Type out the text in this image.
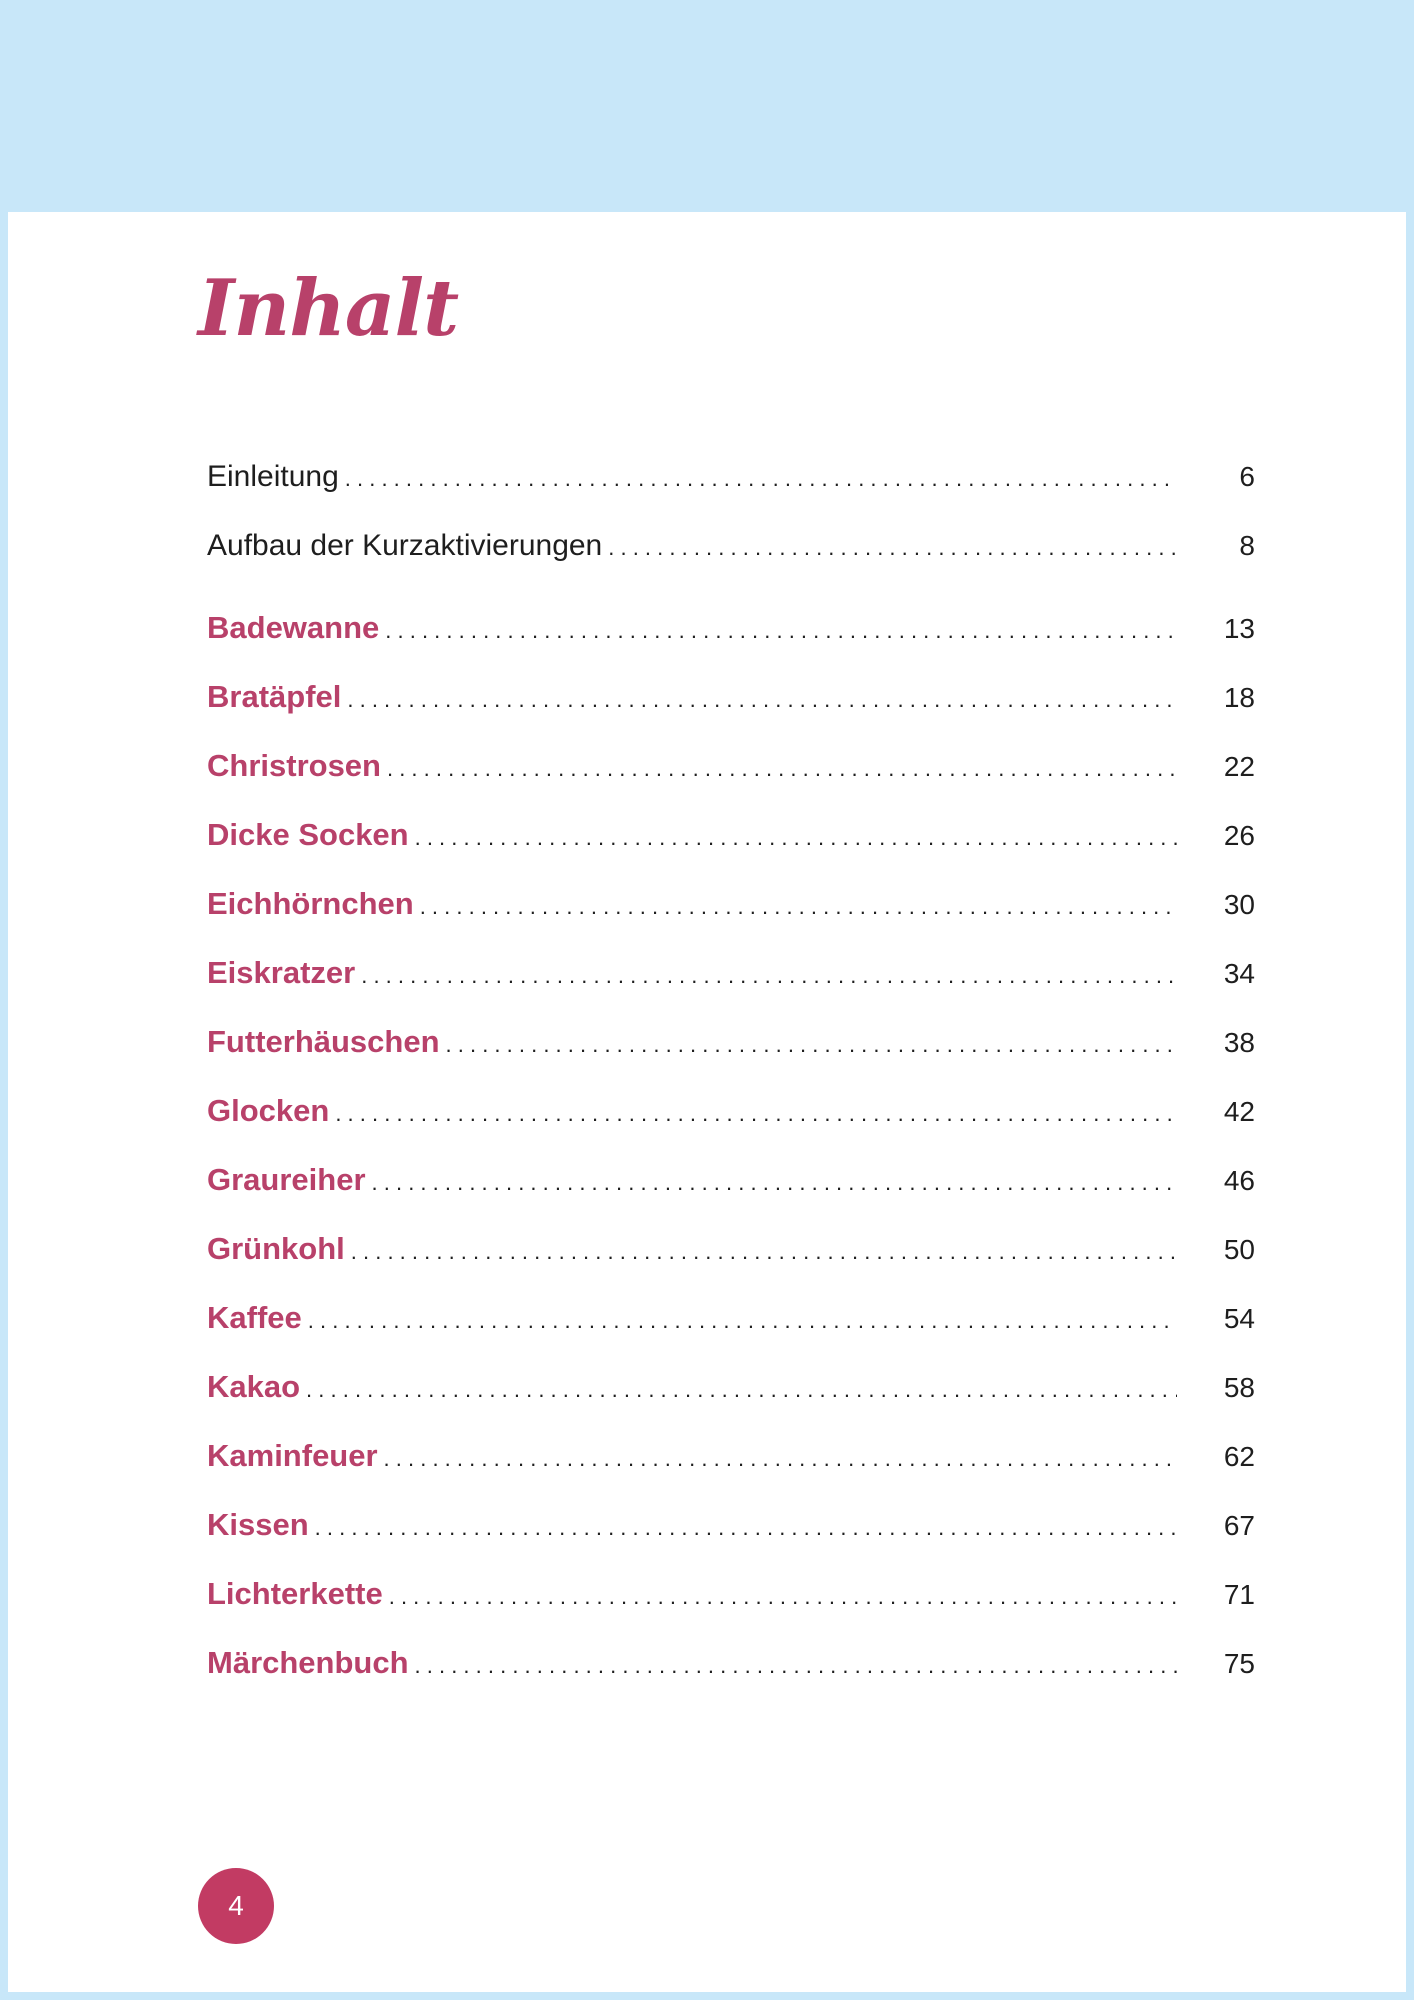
Inhalt
Einleitung . . .	6
Aufbau der Kurzaktivierungen . . .	8
Badewanne . . .	13
Bratäpfel . . .	18
Christrosen . . .	22
Dicke Socken . . .	26
Eichhörnchen . . .	30
Eiskratzer . . .	34
Futterhäuschen . . .	38
Glocken . . .	42
Graureiher . . .	46
Grünkohl . . .	50
Kaffee . . .	54
Kakao . . .	58
Kaminfeuer . . .	62
Kissen . . .	67
Lichterkette . . .	71
Märchenbuch . . .	75
4
